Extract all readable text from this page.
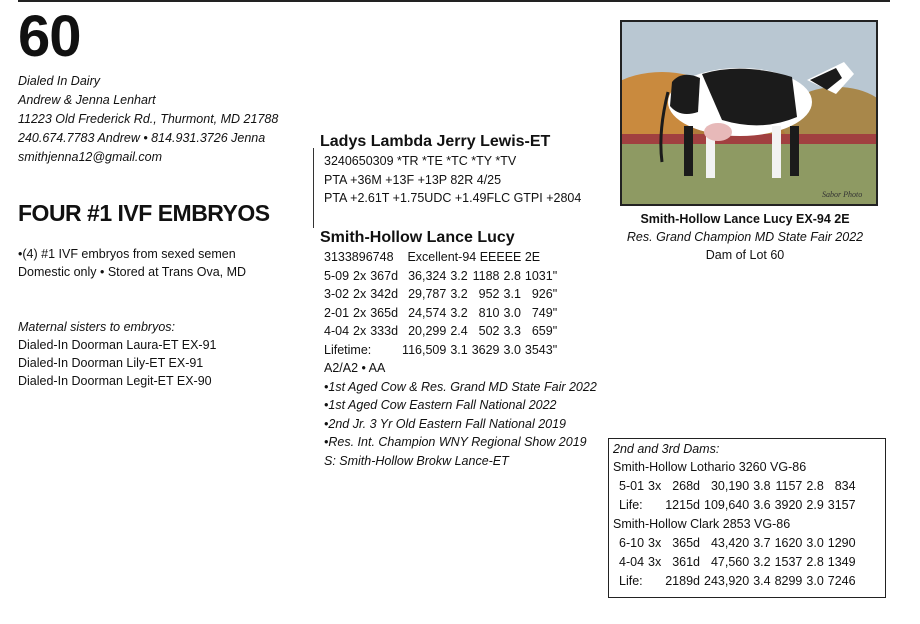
60
Dialed In Dairy
Andrew & Jenna Lenhart
11223 Old Frederick Rd., Thurmont, MD 21788
240.674.7783 Andrew • 814.931.3726 Jenna
smithjenna12@gmail.com
FOUR #1 IVF EMBRYOS
•(4) #1 IVF embryos from sexed semen
Domestic only • Stored at Trans Ova, MD
Maternal sisters to embryos:
Dialed-In Doorman Laura-ET EX-91
Dialed-In Doorman Lily-ET EX-91
Dialed-In Doorman Legit-ET EX-90
Ladys Lambda Jerry Lewis-ET
3240650309 *TR *TE *TC *TY *TV
PTA +36M +13F +13P 82R 4/25
PTA +2.61T +1.75UDC +1.49FLC GTPI +2804
Smith-Hollow Lance Lucy
3133896748 Excellent-94 EEEEE 2E
5-09	2x	367d	36,324	3.2	1188	2.8	1031"
3-02	2x	342d	29,787	3.2	952	3.1	926"
2-01	2x	365d	24,574	3.2	810	3.0	749"
4-04	2x	333d	20,299	2.4	502	3.3	659"
Lifetime:			116,509	3.1	3629	3.0	3543"
A2/A2 • AA
•1st Aged Cow & Res. Grand MD State Fair 2022
•1st Aged Cow Eastern Fall National 2022
•2nd Jr. 3 Yr Old Eastern Fall National 2019
•Res. Int. Champion WNY Regional Show 2019
S: Smith-Hollow Brokw Lance-ET
Sabor Photo
Smith-Hollow Lance Lucy EX-94 2E
Res. Grand Champion MD State Fair 2022
Dam of Lot 60
2nd and 3rd Dams:
Smith-Hollow Lothario 3260 VG-86
5-01	3x	268d	30,190	3.8	1157	2.8	834
Life:		1215d	109,640	3.6	3920	2.9	3157
Smith-Hollow Clark 2853 VG-86
6-10	3x	365d	43,420	3.7	1620	3.0	1290
4-04	3x	361d	47,560	3.2	1537	2.8	1349
Life:		2189d	243,920	3.4	8299	3.0	7246
